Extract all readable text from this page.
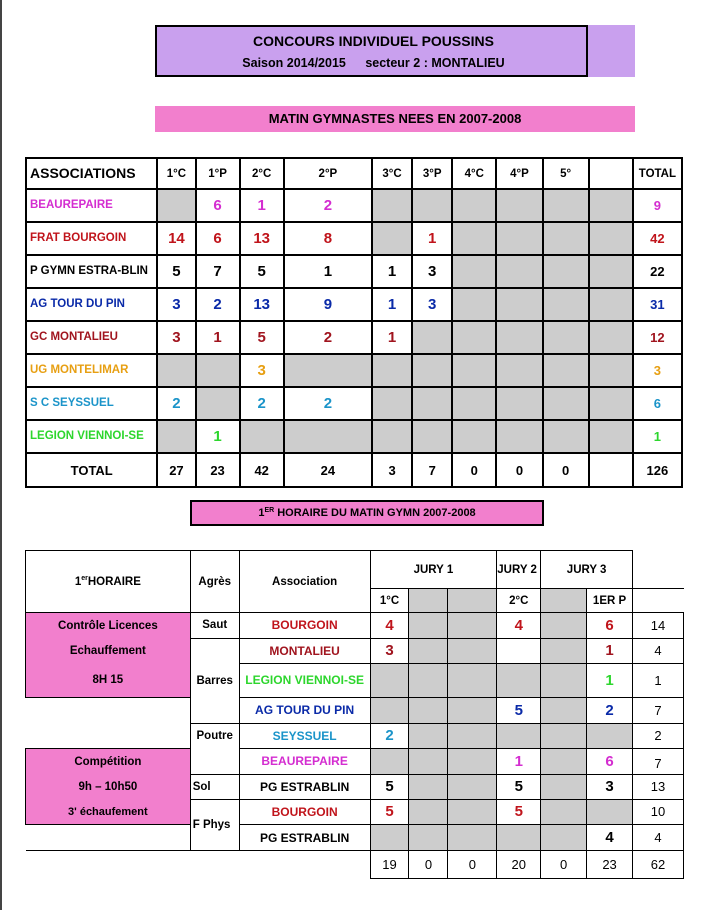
CONCOURS INDIVIDUEL POUSSINS
Saison 2014/2015 secteur 2 : MONTALIEU
MATIN GYMNASTES NEES EN 2007-2008
ASSOCIATIONS	1°C	1°P	2°C	2°P	3°C	3°P	4°C	4°P	5°		TOTAL
BEAUREPAIRE		6	1	2							9
FRAT BOURGOIN	14	6	13	8		1					42
P GYMN ESTRA-BLIN	5	7	5	1	1	3					22
AG TOUR DU PIN	3	2	13	9	1	3					31
GC MONTALIEU	3	1	5	2	1						12
UG MONTELIMAR			3								3
S C SEYSSUEL	2		2	2							6
LEGION VIENNOI-SE		1									1
TOTAL	27	23	42	24	3	7	0	0	0		126
1ER HORAIRE DU MATIN GYMN 2007-2008
1erHORAIRE	Agrès	Association	JURY 1			JURY 2	JURY 3		
			1°C			2°C		1ER P	
Contrôle Licences	Saut	BOURGOIN	4			4		6	14
Echauffement	Barres	MONTALIEU	3					1	4
8H 15		LEGION VIENNOI-SE						1	1
		AG TOUR DU PIN				5		2	7
	Poutre	SEYSSUEL	2						2
Compétition		BEAUREPAIRE				1		6	7
9h – 10h50	Sol	PG ESTRABLIN	5			5		3	13
3' échaufement	F Phys	BOURGOIN	5			5			10
		PG ESTRABLIN						4	4
			19	0	0	20	0	23	62
